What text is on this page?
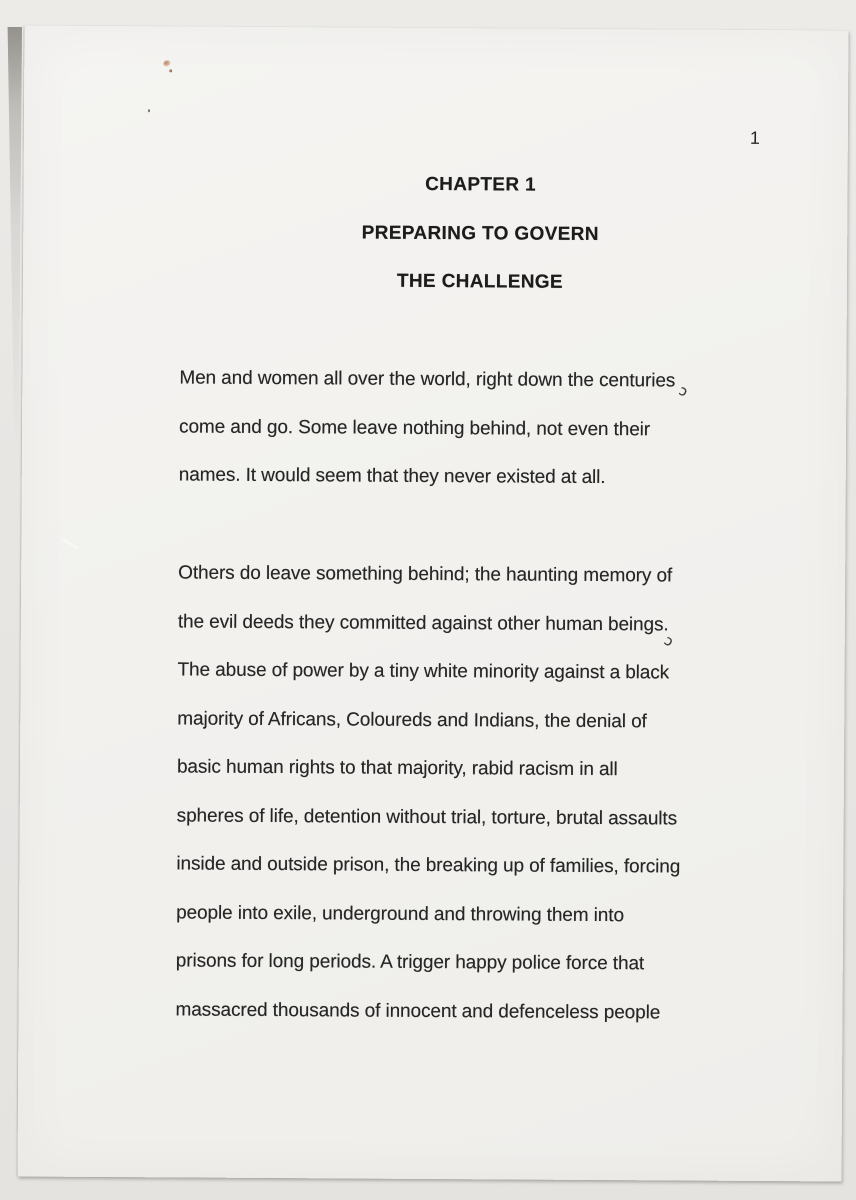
1
CHAPTER 1
PREPARING TO GOVERN
THE CHALLENGE
Men and women all over the world, right down the centuriesɔ
come and go. Some leave nothing behind, not even their
names. It would seem that they never existed at all.
Others do leave something behind; the haunting memory of
the evil deeds they committed against other human beings.ɔ
The abuse of power by a tiny white minority against a black
majority of Africans, Coloureds and Indians, the denial of
basic human rights to that majority, rabid racism in all
spheres of life, detention without trial, torture, brutal assaults
inside and outside prison, the breaking up of families, forcing
people into exile, underground and throwing them into
prisons for long periods. A trigger happy police force that
massacred thousands of innocent and defenceless people
